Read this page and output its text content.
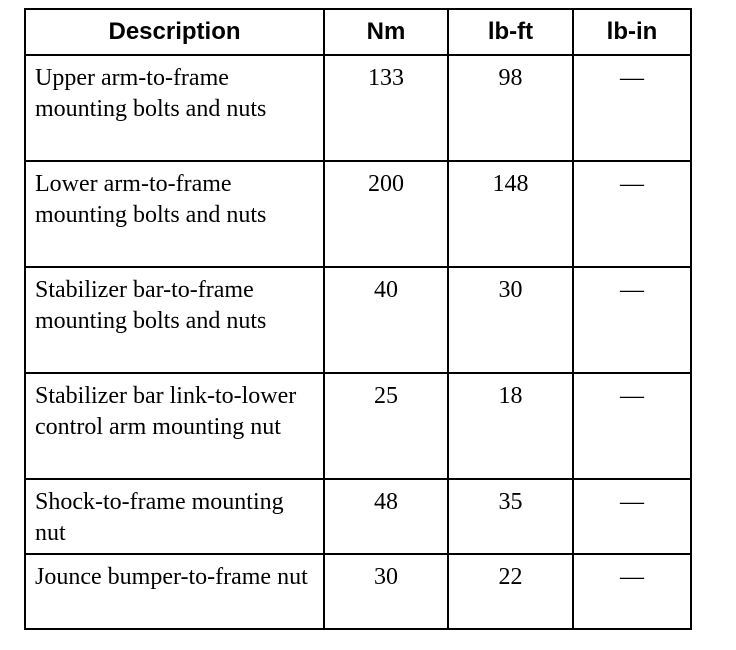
Description	Nm	lb-ft	lb-in
Upper arm-to-frame mounting bolts and nuts	133	98	—
Lower arm-to-frame mounting bolts and nuts	200	148	—
Stabilizer bar-to-frame mounting bolts and nuts	40	30	—
Stabilizer bar link-to-lower control arm mounting nut	25	18	—
Shock-to-frame mounting nut	48	35	—
Jounce bumper-to-frame nut	30	22	—
